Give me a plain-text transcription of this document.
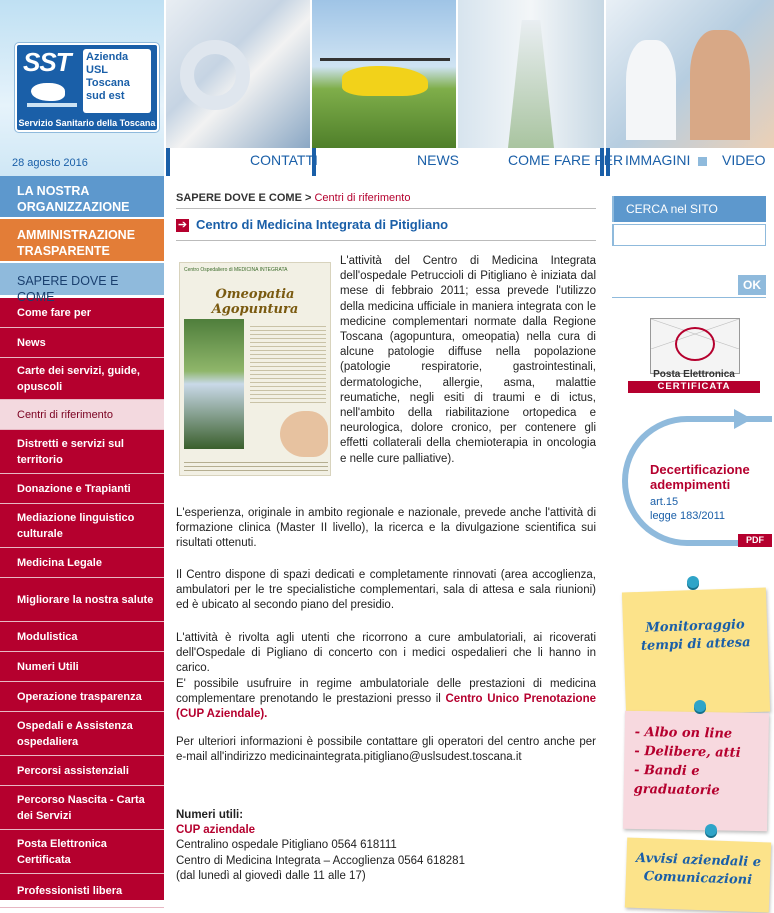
SST Azienda
USL
Toscana
sud est
Servizio Sanitario della Toscana
28 agosto 2016	CONTATTI	NEWS	COME FARE PER IMMAGINI VIDEO
LA NOSTRA ORGANIZZAZIONE
AMMINISTRAZIONE TRASPARENTE
SAPERE DOVE E COME
Come fare per
News
Carte dei servizi, guide, opuscoli
Centri di riferimento
Distretti e servizi sul territorio
Donazione e Trapianti
Mediazione linguistico culturale
Medicina Legale
Migliorare la nostra salute
Modulistica
Numeri Utili
Operazione trasparenza
Ospedali e Assistenza ospedaliera
Percorsi assistenziali
Percorso Nascita - Carta dei Servizi
Posta Elettronica Certificata
Professionisti libera
SAPERE DOVE E COME > Centri di riferimento
➔ Centro di Medicina Integrata di Pitigliano
Centro Ospedaliero di MEDICINA INTEGRATA
Omeopatia
Agopuntura

L'attività del Centro di Medicina Integrata dell'ospedale Petruccioli di Pitigliano è iniziata dal mese di febbraio 2011; essa prevede l'utilizzo della medicina ufficiale in maniera integrata con le medicine complementari normate dalla Regione Toscana (agopuntura, omeopatia) nella cura di alcune patologie diffuse nella popolazione (patologie respiratorie, gastrointestinali, dermatologiche, allergie, asma, malattie reumatiche, negli esiti di traumi e di ictus, nell'ambito della riabilitazione ortopedica e neurologica, dolore cronico, per contenere gli effetti collaterali della chemioterapia in oncologia e nelle cure palliative).

L'esperienza, originale in ambito regionale e nazionale, prevede anche l'attività di formazione clinica (Master II livello), la ricerca e la divulgazione scientifica sui risultati ottenuti.

Il Centro dispone di spazi dedicati e completamente rinnovati (area accoglienza, ambulatori per le tre specialistiche complementari, sala di attesa e sala riunioni) ed è ubicato al secondo piano del presidio.

L'attività è rivolta agli utenti che ricorrono a cure ambulatoriali, ai ricoverati dell'Ospedale di Pigliano di concerto con i medici ospedalieri che li hanno in carico.
E' possibile usufruire in regime ambulatoriale delle prestazioni di medicina complementare prenotando le prestazioni presso il Centro Unico Prenotazione (CUP Aziendale).

Per ulteriori informazioni è possibile contattare gli operatori del centro anche per e-mail all'indirizzo medicinaintegrata.pitigliano@uslsudest.toscana.it

Numeri utili:
CUP aziendale
Centralino ospedale Pitigliano 0564 618111
Centro di Medicina Integrata – Accoglienza 0564 618281
(dal lunedì al giovedì dalle 11 alle 17)
CERCA nel SITO
OK
Posta Elettronica
CERTIFICATA
Decertificazione
adempimenti
art.15
legge 183/2011
PDF
Monitoraggio tempi di attesa
- Albo on line
- Delibere, atti
- Bandi e graduatorie
Avvisi aziendali e Comunicazioni
